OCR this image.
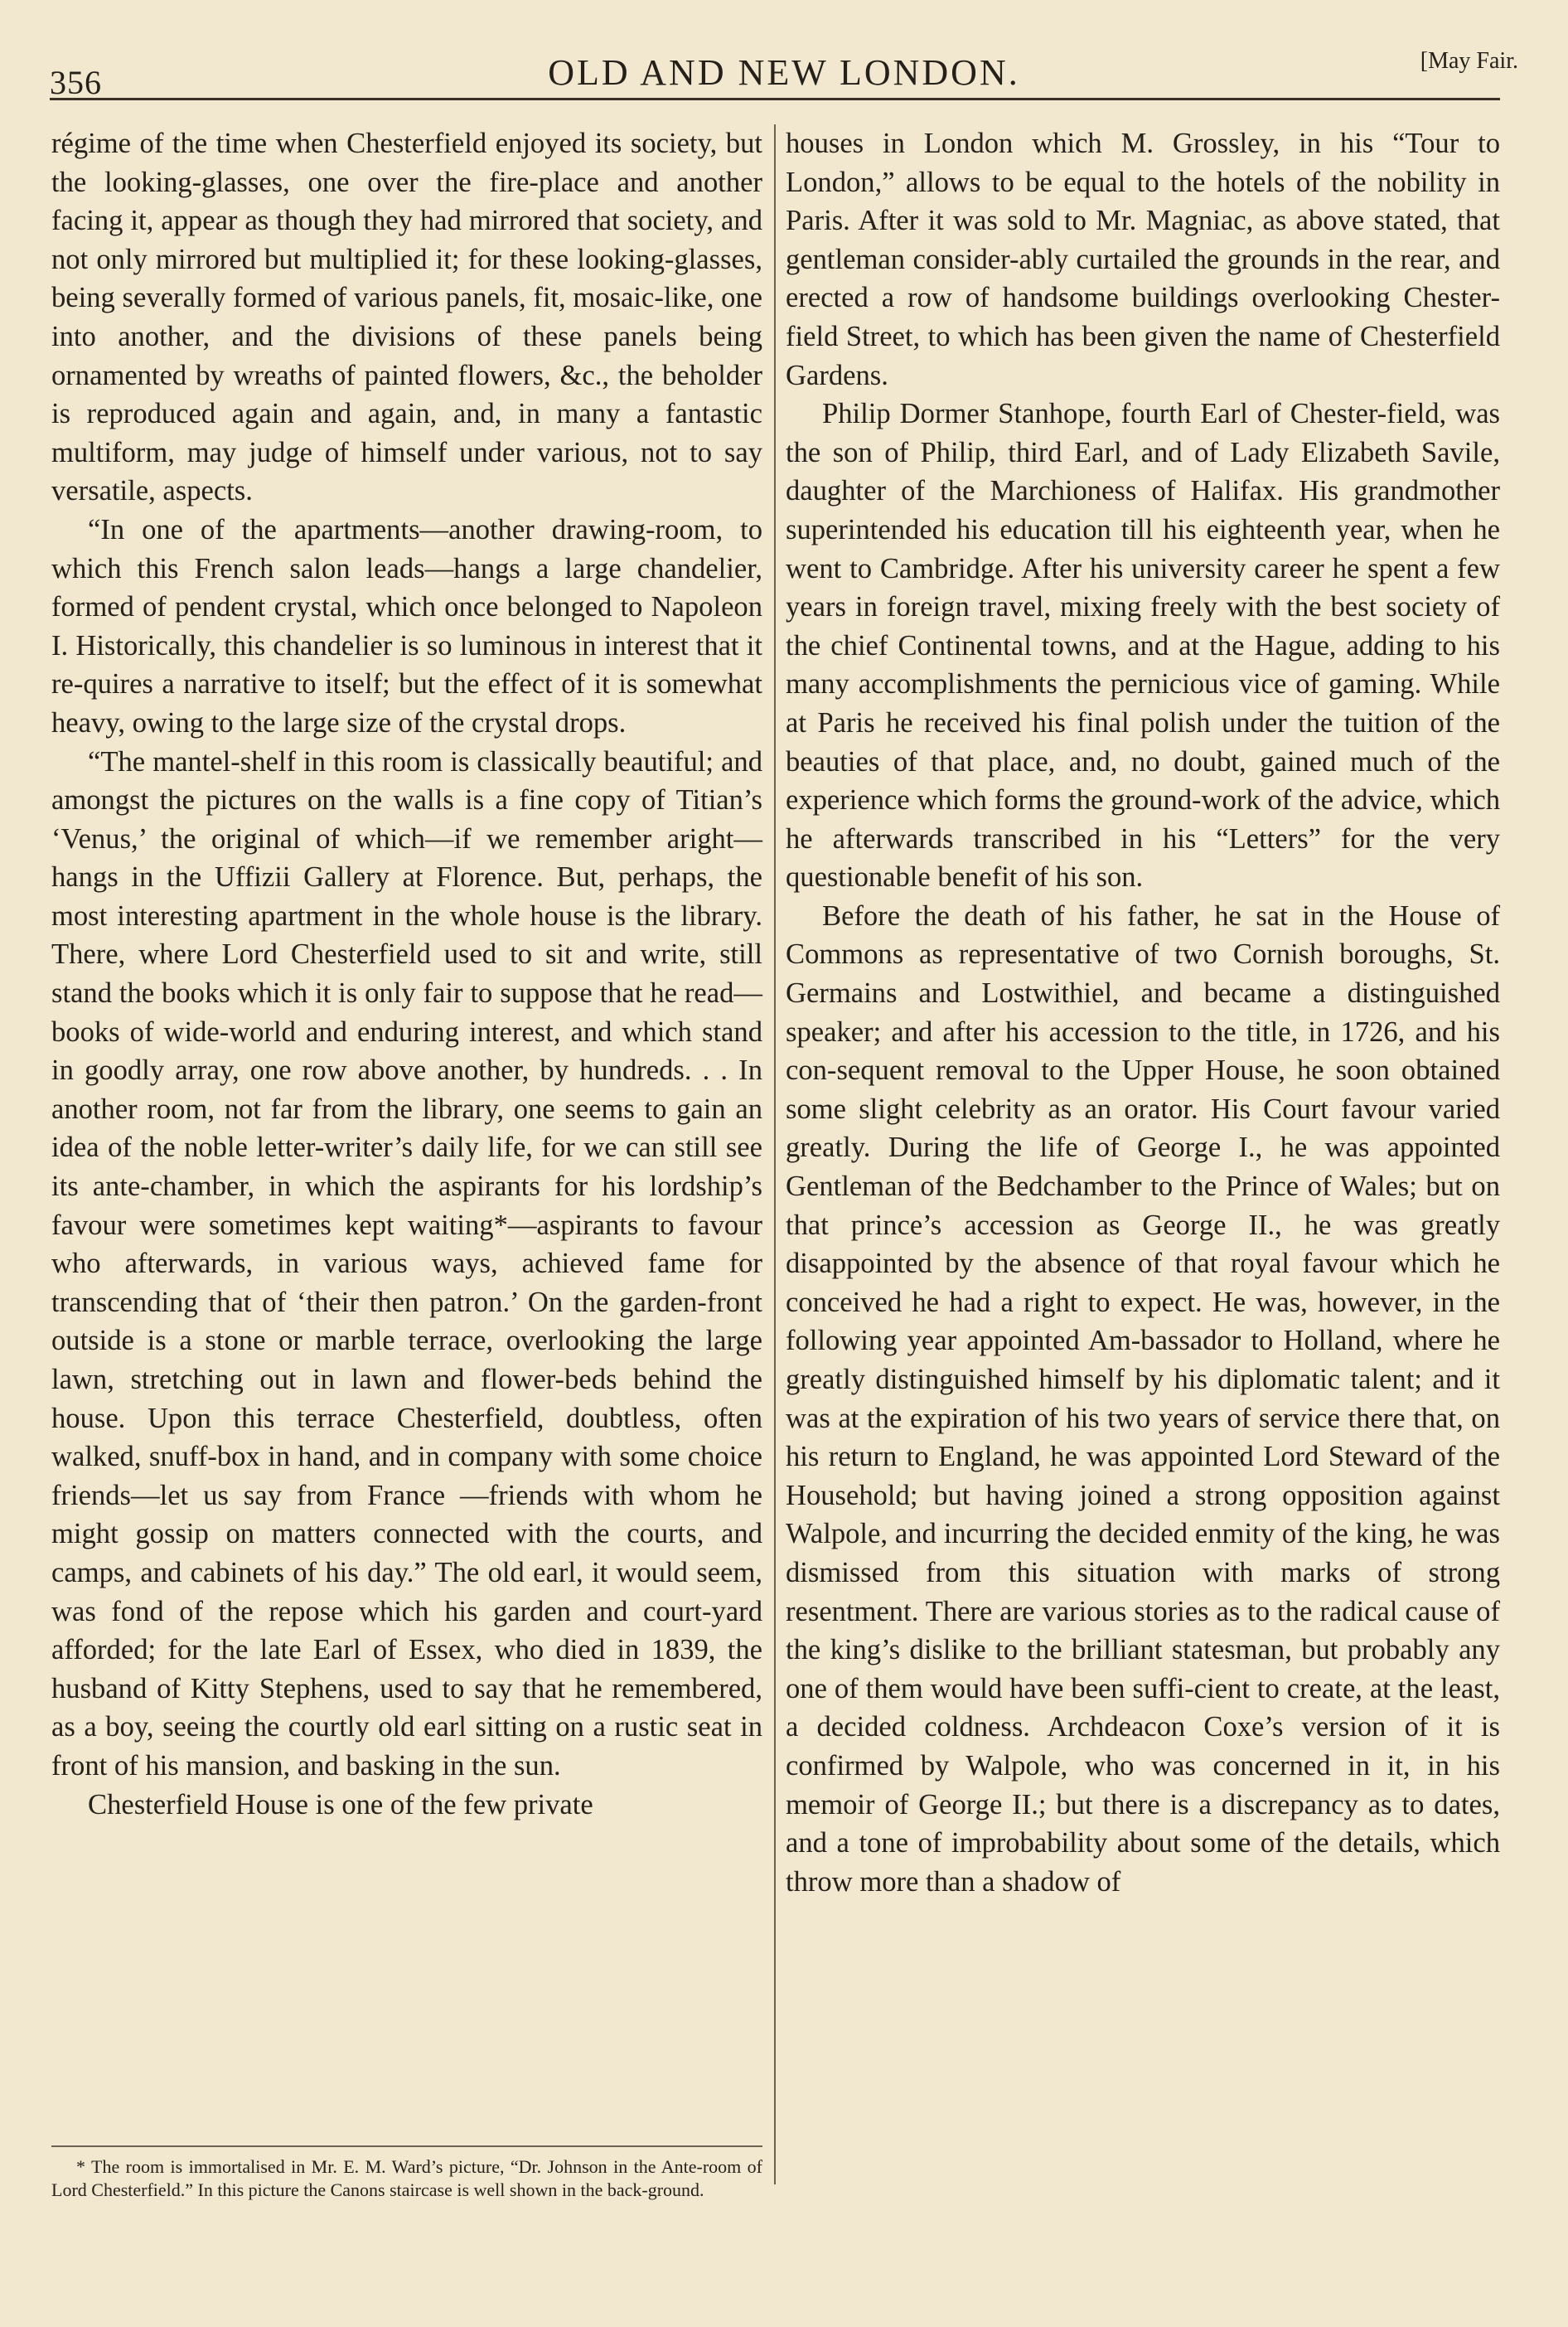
356	OLD AND NEW LONDON.	[May Fair.

régime of the time when Chesterfield enjoyed its society, but the looking-glasses, one over the fire-place and another facing it, appear as though they had mirrored that society, and not only mirrored but multiplied it; for these looking-glasses, being severally formed of various panels, fit, mosaic-like, one into another, and the divisions of these panels being ornamented by wreaths of painted flowers, &c., the beholder is reproduced again and again, and, in many a fantastic multiform, may judge of himself under various, not to say versatile, aspects.

“In one of the apartments—another drawing-room, to which this French salon leads—hangs a large chandelier, formed of pendent crystal, which once belonged to Napoleon I. Historically, this chandelier is so luminous in interest that it re-quires a narrative to itself; but the effect of it is somewhat heavy, owing to the large size of the crystal drops.

“The mantel-shelf in this room is classically beautiful; and amongst the pictures on the walls is a fine copy of Titian’s ‘Venus,’ the original of which—if we remember aright—hangs in the Uffizii Gallery at Florence. But, perhaps, the most interesting apartment in the whole house is the library. There, where Lord Chesterfield used to sit and write, still stand the books which it is only fair to suppose that he read—books of wide-world and enduring interest, and which stand in goodly array, one row above another, by hundreds. . . In another room, not far from the library, one seems to gain an idea of the noble letter-writer’s daily life, for we can still see its ante-chamber, in which the aspirants for his lordship’s favour were sometimes kept waiting*—aspirants to favour who afterwards, in various ways, achieved fame for transcending that of ‘their then patron.’ On the garden-front outside is a stone or marble terrace, overlooking the large lawn, stretching out in lawn and flower-beds behind the house. Upon this terrace Chesterfield, doubtless, often walked, snuff-box in hand, and in company with some choice friends—let us say from France —friends with whom he might gossip on matters connected with the courts, and camps, and cabinets of his day.” The old earl, it would seem, was fond of the repose which his garden and court-yard afforded; for the late Earl of Essex, who died in 1839, the husband of Kitty Stephens, used to say that he remembered, as a boy, seeing the courtly old earl sitting on a rustic seat in front of his mansion, and basking in the sun.

Chesterfield House is one of the few private

houses in London which M. Grossley, in his “Tour to London,” allows to be equal to the hotels of the nobility in Paris. After it was sold to Mr. Magniac, as above stated, that gentleman consider-ably curtailed the grounds in the rear, and erected a row of handsome buildings overlooking Chester-field Street, to which has been given the name of Chesterfield Gardens.

Philip Dormer Stanhope, fourth Earl of Chester-field, was the son of Philip, third Earl, and of Lady Elizabeth Savile, daughter of the Marchioness of Halifax. His grandmother superintended his education till his eighteenth year, when he went to Cambridge. After his university career he spent a few years in foreign travel, mixing freely with the best society of the chief Continental towns, and at the Hague, adding to his many accomplishments the pernicious vice of gaming. While at Paris he received his final polish under the tuition of the beauties of that place, and, no doubt, gained much of the experience which forms the ground-work of the advice, which he afterwards transcribed in his “Letters” for the very questionable benefit of his son.

Before the death of his father, he sat in the House of Commons as representative of two Cornish boroughs, St. Germains and Lostwithiel, and became a distinguished speaker; and after his accession to the title, in 1726, and his con-sequent removal to the Upper House, he soon obtained some slight celebrity as an orator. His Court favour varied greatly. During the life of George I., he was appointed Gentleman of the Bedchamber to the Prince of Wales; but on that prince’s accession as George II., he was greatly disappointed by the absence of that royal favour which he conceived he had a right to expect. He was, however, in the following year appointed Am-bassador to Holland, where he greatly distinguished himself by his diplomatic talent; and it was at the expiration of his two years of service there that, on his return to England, he was appointed Lord Steward of the Household; but having joined a strong opposition against Walpole, and incurring the decided enmity of the king, he was dismissed from this situation with marks of strong resentment. There are various stories as to the radical cause of the king’s dislike to the brilliant statesman, but probably any one of them would have been suffi-cient to create, at the least, a decided coldness. Archdeacon Coxe’s version of it is confirmed by Walpole, who was concerned in it, in his memoir of George II.; but there is a discrepancy as to dates, and a tone of improbability about some of the details, which throw more than a shadow of

* The room is immortalised in Mr. E. M. Ward’s picture, “Dr. Johnson in the Ante-room of Lord Chesterfield.” In this picture the Canons staircase is well shown in the back-ground.
